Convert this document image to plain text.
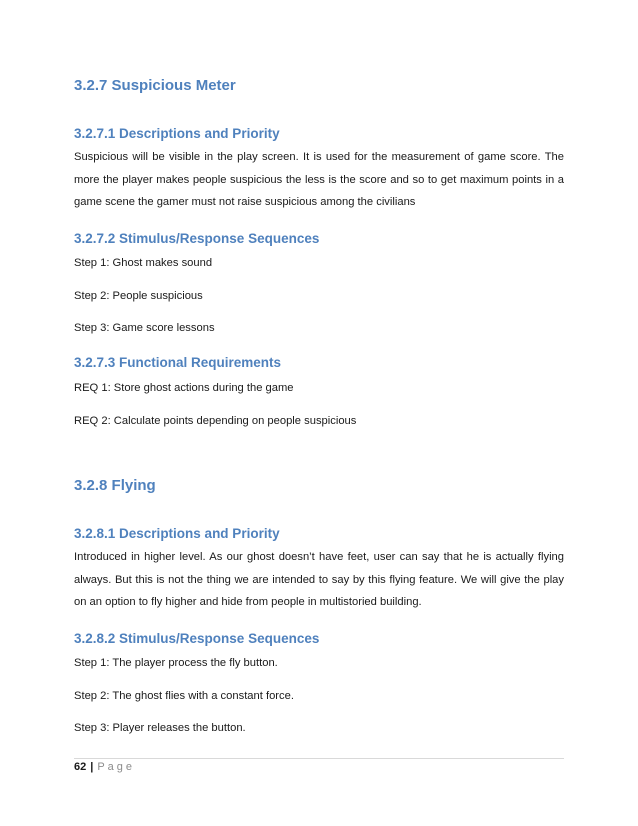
3.2.7 Suspicious Meter
3.2.7.1 Descriptions and Priority

Suspicious will be visible in the play screen. It is used for the measurement of game score. The more the player makes people suspicious the less is the score and so to get maximum points in a game scene the gamer must not raise suspicious among the civilians

3.2.7.2 Stimulus/Response Sequences

Step 1: Ghost makes sound

Step 2: People suspicious

Step 3: Game score lessons

3.2.7.3 Functional Requirements

REQ 1: Store ghost actions during the game

REQ 2: Calculate points depending on people suspicious

3.2.8 Flying
3.2.8.1 Descriptions and Priority

Introduced in higher level. As our ghost doesn’t have feet, user can say that he is actually flying always. But this is not the thing we are intended to say by this flying feature. We will give the play on an option to fly higher and hide from people in multistoried building.

3.2.8.2 Stimulus/Response Sequences

Step 1: The player process the fly button.

Step 2: The ghost flies with a constant force.

Step 3: Player releases the button.

62 | Page
